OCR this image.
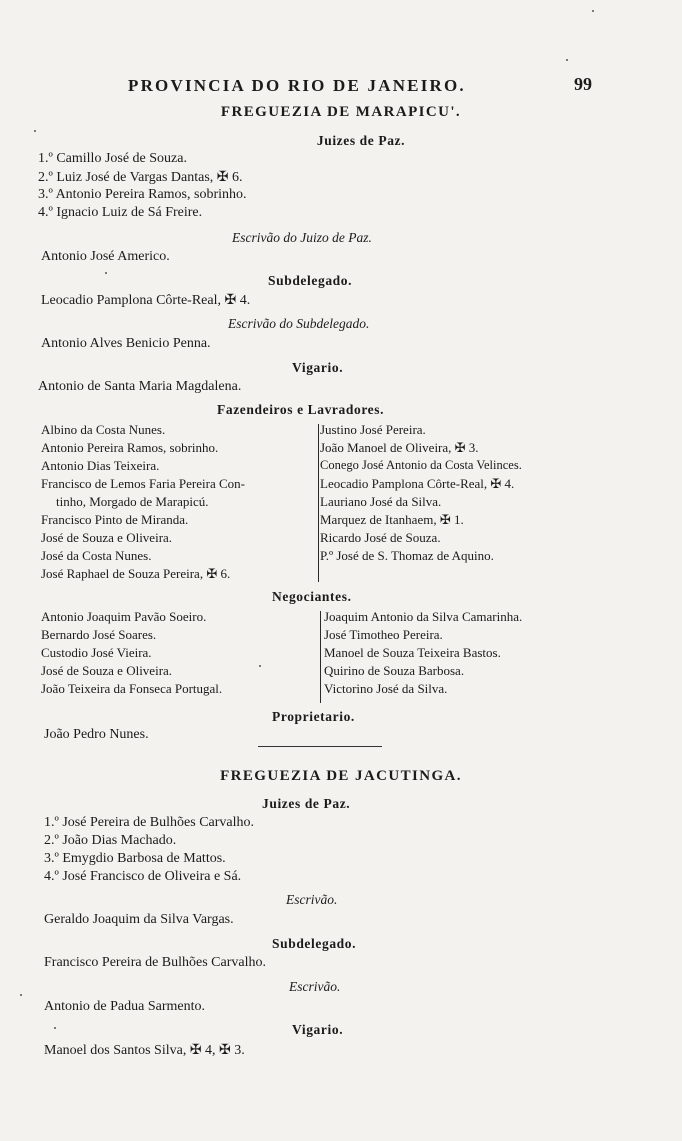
PROVINCIA DO RIO DE JANEIRO.	99
FREGUEZIA DE MARAPICU'.
Juizes de Paz.
1.º Camillo José de Souza.
2.º Luiz José de Vargas Dantas, ✠ 6.
3.º Antonio Pereira Ramos, sobrinho.
4.º Ignacio Luiz de Sá Freire.
Escrivão do Juizo de Paz.
Antonio José Americo.
Subdelegado.
Leocadio Pamplona Côrte-Real, ✠ 4.
Escrivão do Subdelegado.
Antonio Alves Benicio Penna.
Vigario.
Antonio de Santa Maria Magdalena.
Fazendeiros e Lavradores.
Albino da Costa Nunes.
Antonio Pereira Ramos, sobrinho.
Antonio Dias Teixeira.
Francisco de Lemos Faria Pereira Con-
tinho, Morgado de Marapicú.
Francisco Pinto de Miranda.
José de Souza e Oliveira.
José da Costa Nunes.
José Raphael de Souza Pereira, ✠ 6.
Justino José Pereira.
João Manoel de Oliveira, ✠ 3.
Conego José Antonio da Costa Velinces.
Leocadio Pamplona Côrte-Real, ✠ 4.
Lauriano José da Silva.
Marquez de Itanhaem, ✠ 1.
Ricardo José de Souza.
P.º José de S. Thomaz de Aquino.
Negociantes.
Antonio Joaquim Pavão Soeiro.
Bernardo José Soares.
Custodio José Vieira.
José de Souza e Oliveira.
João Teixeira da Fonseca Portugal.
Joaquim Antonio da Silva Camarinha.
José Timotheo Pereira.
Manoel de Souza Teixeira Bastos.
Quirino de Souza Barbosa.
Victorino José da Silva.
Proprietario.
João Pedro Nunes.
FREGUEZIA DE JACUTINGA.
Juizes de Paz.
1.º José Pereira de Bulhões Carvalho.
2.º João Dias Machado.
3.º Emygdio Barbosa de Mattos.
4.º José Francisco de Oliveira e Sá.
Escrivão.
Geraldo Joaquim da Silva Vargas.
Subdelegado.
Francisco Pereira de Bulhões Carvalho.
Escrivão.
Antonio de Padua Sarmento.
Vigario.
Manoel dos Santos Silva, ✠ 4, ✠ 3.
